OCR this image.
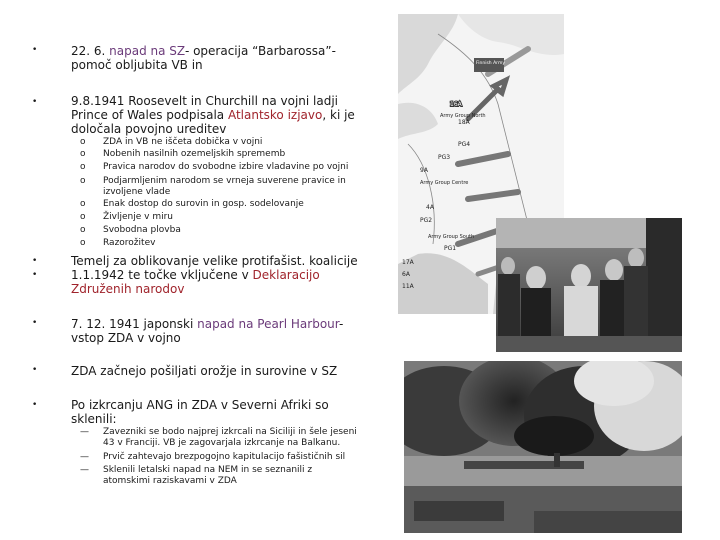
•
•
•
•
•
•
•
22. 6. napad na SZ- operacija “Barbarossa”-
pomoč obljubita VB in
9.8.1941 Roosevelt in Churchill na vojni ladji
Prince of Wales podpisala Atlantsko izjavo, ki je
določala povojno ureditev
o ZDA in VB ne iščeta dobička v vojni
o Nobenih nasilnih ozemeljskih sprememb
o Pravica narodov do svobodne izbire vladavine po vojni
o Podjarmljenim narodom se vrneja suverene pravice in
izvoljene vlade
o Enak dostop do surovin in gosp. sodelovanje
o Življenje v miru
o Svobodna plovba
o Razorožitev
Temelj za oblikovanje velike protifašist. koalicije
1.1.1942 te točke vključene v Deklaracijo
Združenih narodov
7. 12. 1941 japonski napad na Pearl Harbour-
vstop ZDA v vojno
ZDA začnejo pošiljati orožje in surovine v SZ
Po izkrcanju ANG in ZDA v Severni Afriki so
sklenili:
— Zavezniki se bodo najprej izkrcali na Siciliji in šele jeseni
43 v Franciji. VB je zagovarjala izkrcanje na Balkanu.
— Prvič zahtevajo brezpogojno kapitulacijo fašističnih sil
— Sklenili letalski napad na NEM in se seznanili z
atomskimi raziskavami v ZDA
Finnish Army
16A
18A
Army Group North
PG4
PG3
9A
Army Group Centre
4A
PG2
Army Group South
PG1
17A
6A
11A
